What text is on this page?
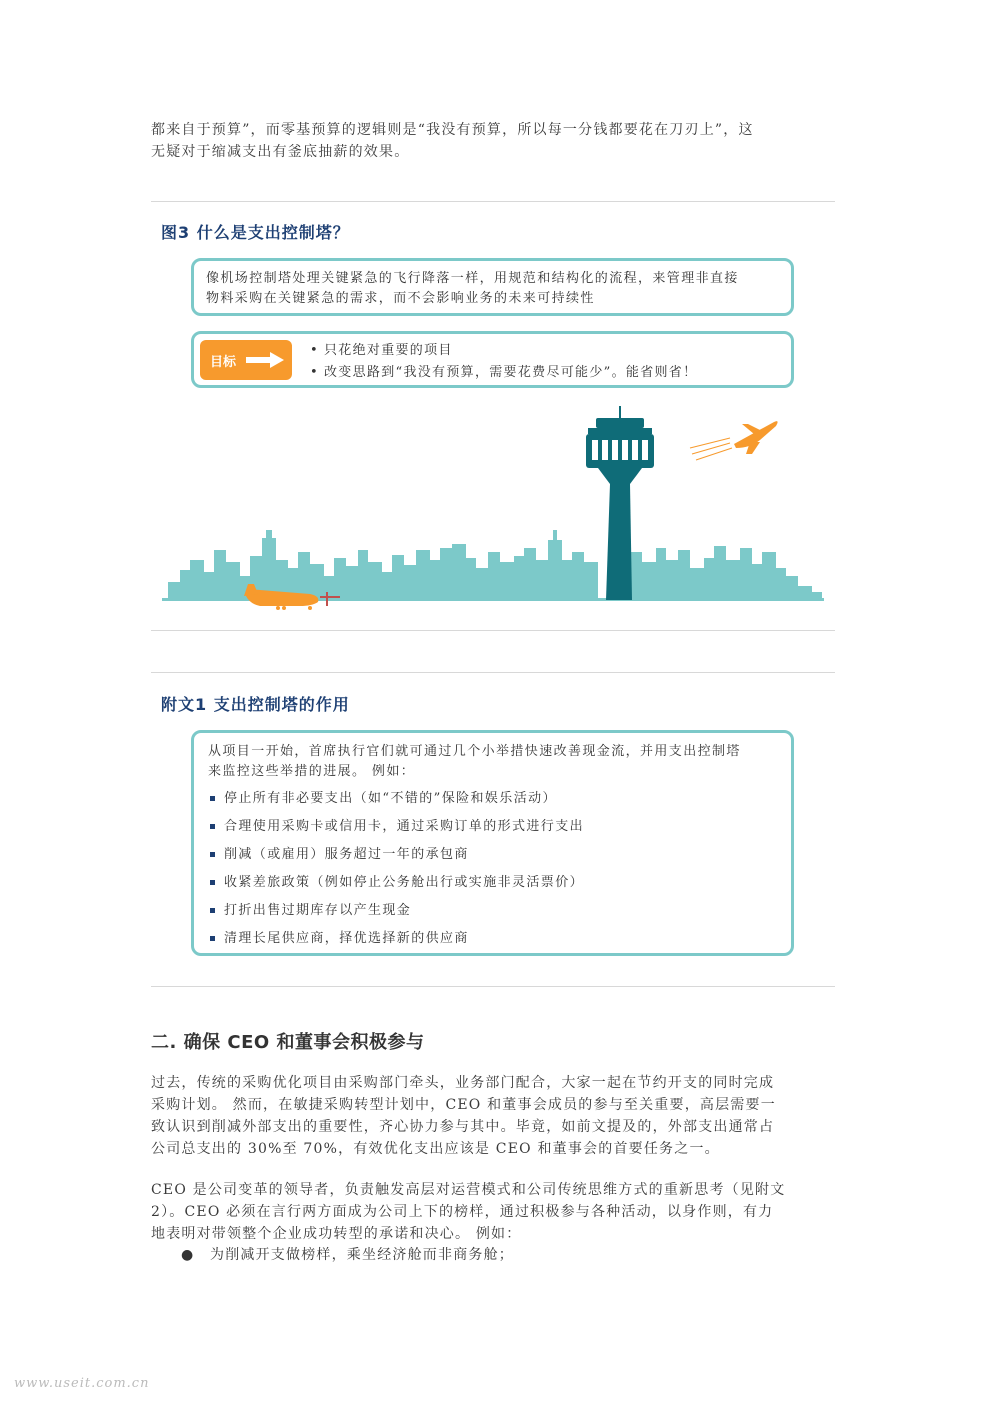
都来自于预算”，而零基预算的逻辑则是“我没有预算，所以每一分钱都要花在刀刃上”，这
无疑对于缩减支出有釜底抽薪的效果。
图3 什么是支出控制塔？
像机场控制塔处理关键紧急的飞行降落一样，用规范和结构化的流程，来管理非直接
物料采购在关键紧急的需求，而不会影响业务的未来可持续性
目标
• 只花绝对重要的项目
• 改变思路到“我没有预算，需要花费尽可能少”。能省则省！
附文1 支出控制塔的作用
从项目一开始，首席执行官们就可通过几个小举措快速改善现金流，并用支出控制塔
来监控这些举措的进展。 例如：
停止所有非必要支出（如“不错的”保险和娱乐活动）
合理使用采购卡或信用卡，通过采购订单的形式进行支出
削减（或雇用）服务超过一年的承包商
收紧差旅政策（例如停止公务舱出行或实施非灵活票价）
打折出售过期库存以产生现金
清理长尾供应商，择优选择新的供应商
二. 确保 CEO 和董事会积极参与
过去，传统的采购优化项目由采购部门牵头，业务部门配合，大家一起在节约开支的同时完成
采购计划。 然而，在敏捷采购转型计划中，CEO 和董事会成员的参与至关重要，高层需要一
致认识到削减外部支出的重要性，齐心协力参与其中。毕竟，如前文提及的，外部支出通常占
公司总支出的 30%至 70%，有效优化支出应该是 CEO 和董事会的首要任务之一。
CEO 是公司变革的领导者，负责触发高层对运营模式和公司传统思维方式的重新思考（见附文
2）。CEO 必须在言行两方面成为公司上下的榜样，通过积极参与各种活动，以身作则，有力
地表明对带领整个企业成功转型的承诺和决心。 例如：
● 为削减开支做榜样，乘坐经济舱而非商务舱；
www.useit.com.cn
